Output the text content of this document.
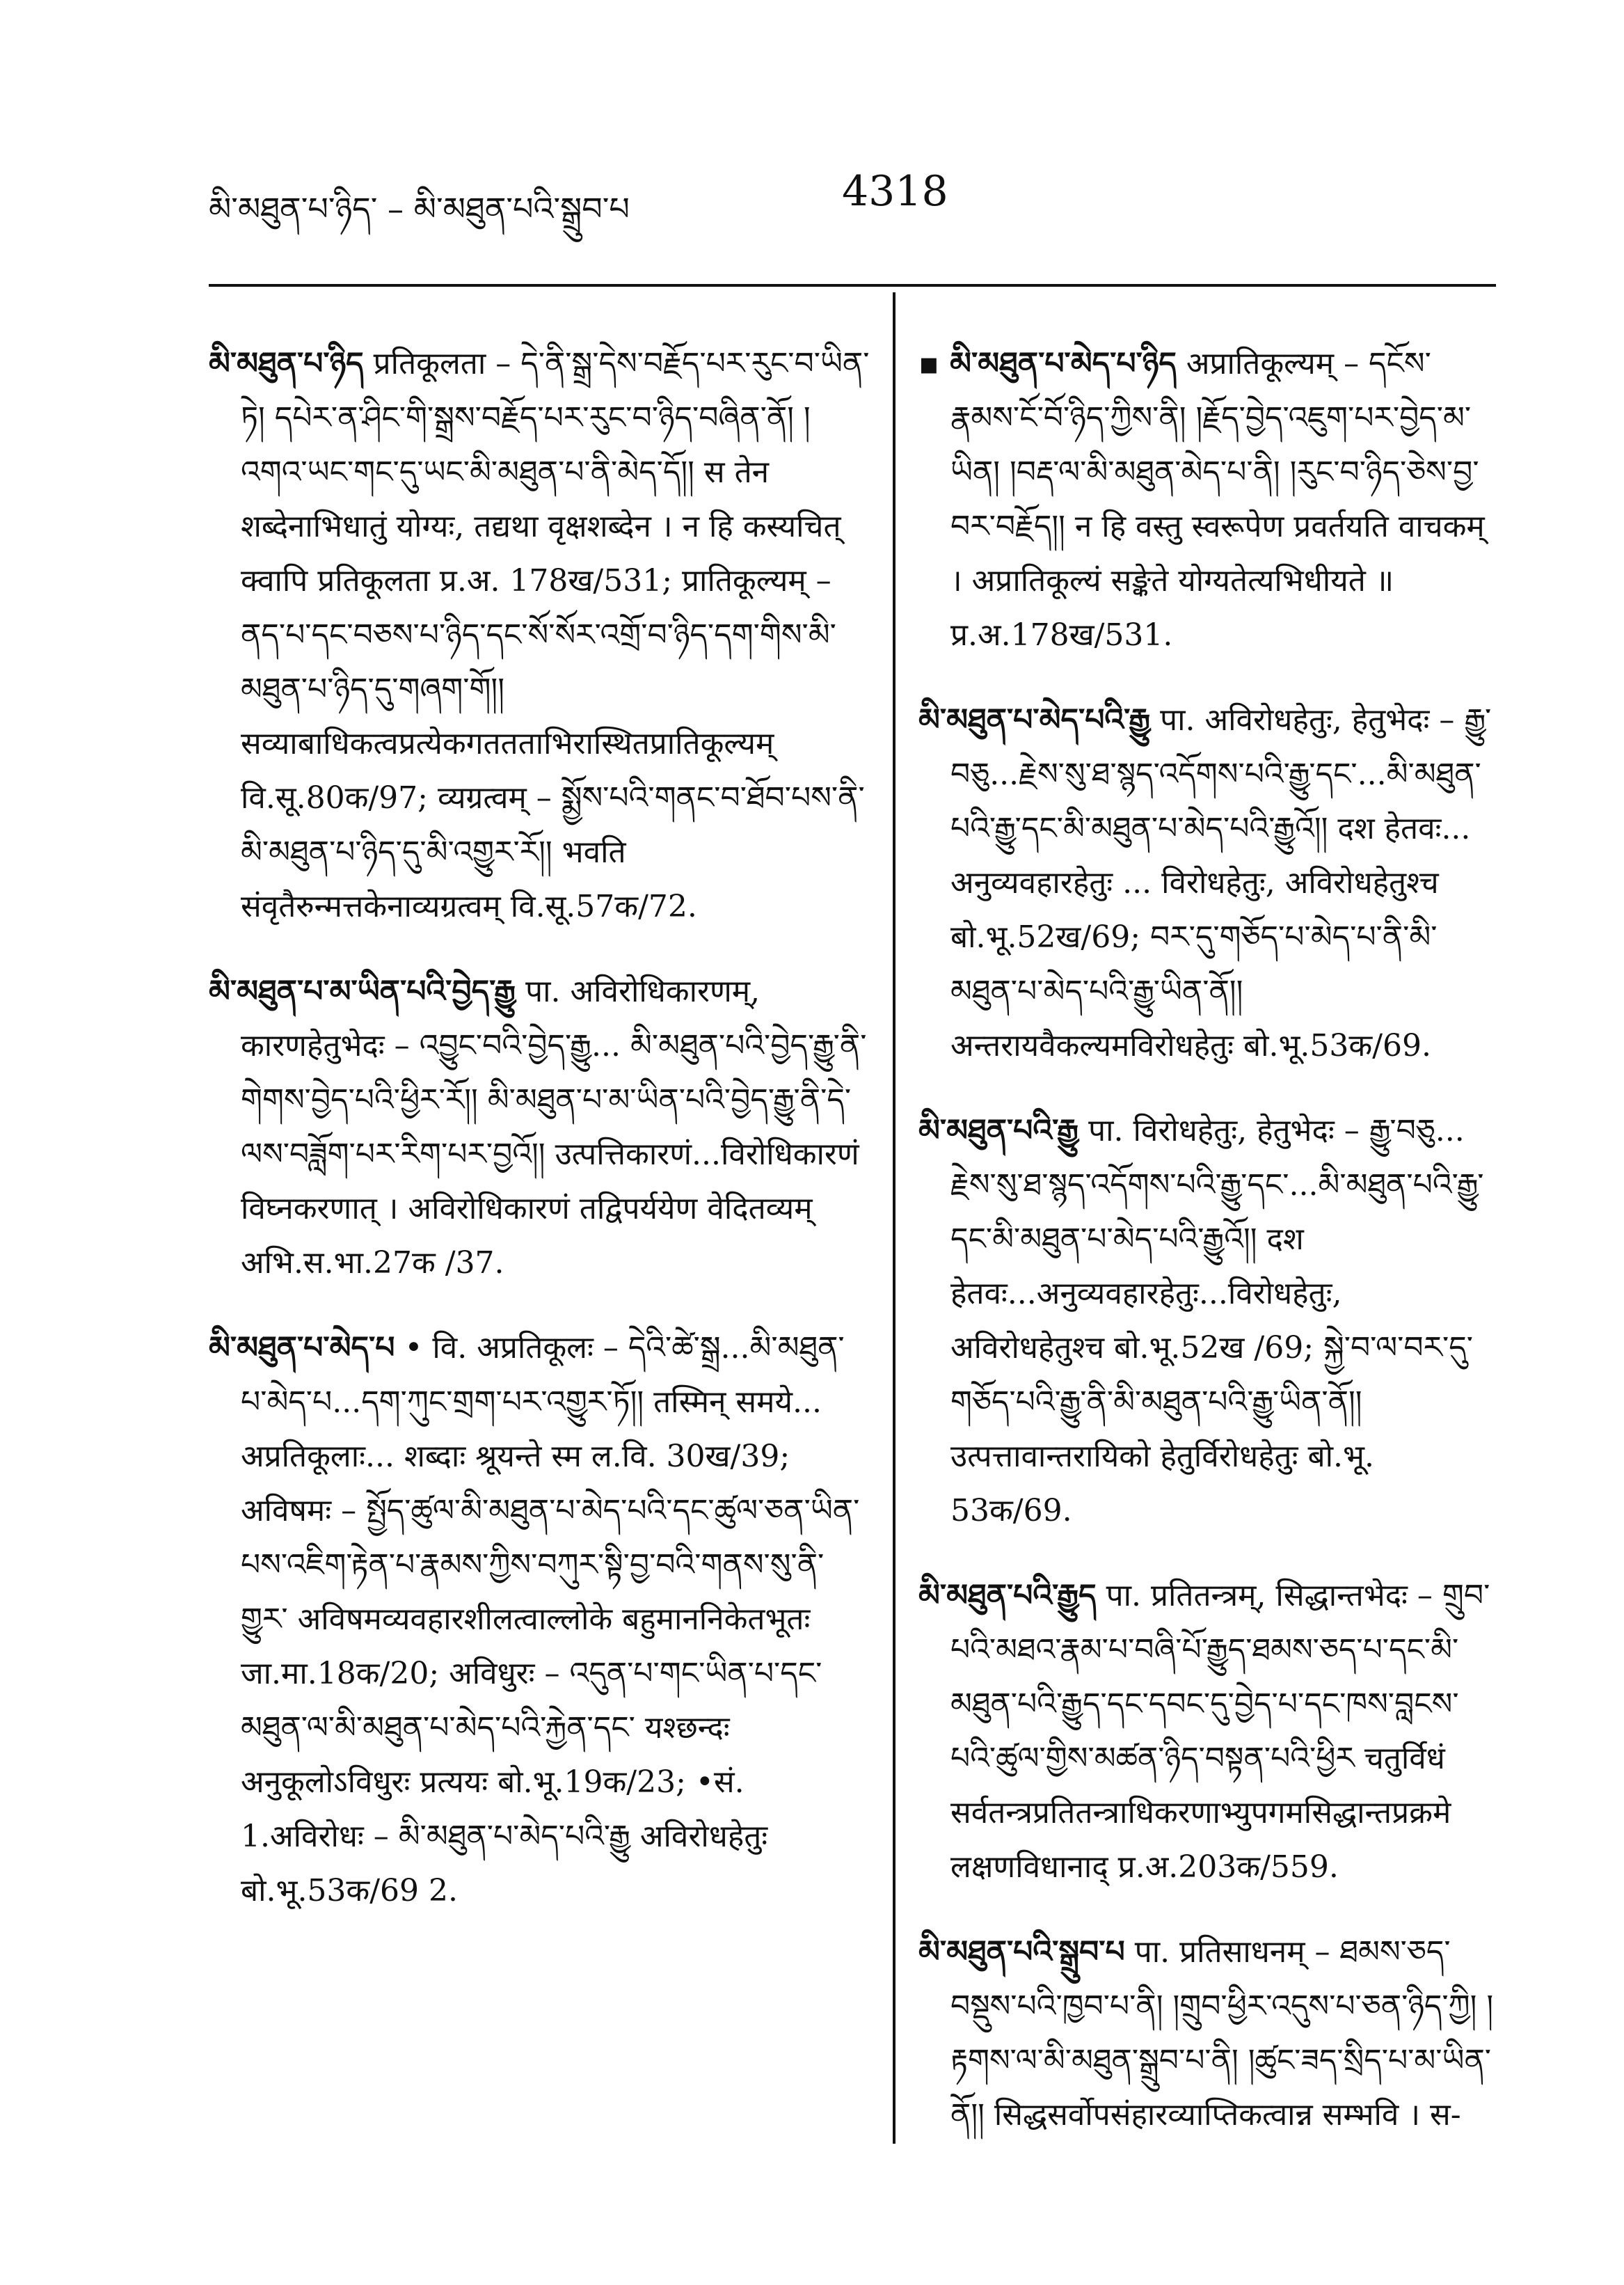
མི་མཐུན་པ་ཉིད་ – མི་མཐུན་པའི་སྒྲུབ་པ	4318

མི་མཐུན་པ་ཉིད प्रतिकूलता – དེ་ནི་སྒྲ་དེས་བརྗོད་པར་རུང་བ་ཡིན་ཏེ། དཔེར་ན་ཤིང་གི་སྒྲས་བརྗོད་པར་རུང་བ་ཉིད་བཞིན་ནོ། །འགའ་ཡང་གང་དུ་ཡང་མི་མཐུན་པ་ནི་མེད་དོ།། स तेन शब्देनाभिधातुं योग्यः, तद्यथा वृक्षशब्देन । न हि कस्यचित् क्वापि प्रतिकूलता प्र.अ. 178ख/531; प्रातिकूल्यम् – ནད་པ་དང་བཅས་པ་ཉིད་དང་སོ་སོར་འགྲོ་བ་ཉིད་དག་གིས་མི་མཐུན་པ་ཉིད་དུ་གཞག་གོ།། सव्याबाधिकत्वप्रत्येकगततताभिरास्थितप्रातिकूल्यम् वि.सू.80क/97; व्यग्रत्वम् – སྨྱོས་པའི་གནང་བ་ཐོབ་པས་ནི་མི་མཐུན་པ་ཉིད་དུ་མི་འགྱུར་རོ།། भवति संवृतैरुन्मत्तकेनाव्यग्रत्वम् वि.सू.57क/72.

མི་མཐུན་པ་མ་ཡིན་པའི་བྱེད་རྒྱུ पा. अविरोधिकारणम्, कारणहेतुभेदः – འབྱུང་བའི་བྱེད་རྒྱུ... མི་མཐུན་པའི་བྱེད་རྒྱུ་ནི་གེགས་བྱེད་པའི་ཕྱིར་རོ།། མི་མཐུན་པ་མ་ཡིན་པའི་བྱེད་རྒྱུ་ནི་དེ་ལས་བཟློག་པར་རིག་པར་བྱའོ།། उत्पत्तिकारणं...विरोधिकारणं विघ्नकरणात् । अविरोधिकारणं तद्विपर्ययेण वेदितव्यम् अभि.स.भा.27क /37.

མི་མཐུན་པ་མེད་པ • वि. अप्रतिकूलः – དེའི་ཚེ་སྒྲ...མི་མཐུན་པ་མེད་པ...དག་ཀུང་གྲག་པར་འགྱུར་ཏོ།། तस्मिन् समये... अप्रतिकूलाः... शब्दाः श्रूयन्ते स्म ल.वि. 30ख/39; अविषमः – སྤྱོད་ཚུལ་མི་མཐུན་པ་མེད་པའི་དང་ཚུལ་ཅན་ཡིན་པས་འཇིག་རྟེན་པ་རྣམས་ཀྱིས་བཀུར་སྟི་བྱ་བའི་གནས་སུ་ནི་གྱུར་ अविषमव्यवहारशीलत्वाल्लोके बहुमाननिकेतभूतः जा.मा.18क/20; अविधुरः – འདུན་པ་གང་ཡིན་པ་དང་མཐུན་ལ་མི་མཐུན་པ་མེད་པའི་རྐྱེན་དང་ यश्छन्दः अनुकूलोऽविधुरः प्रत्ययः बो.भू.19क/23; •सं. 1.अविरोधः – མི་མཐུན་པ་མེད་པའི་རྒྱུ अविरोधहेतुः बो.भू.53क/69 2.

▪ མི་མཐུན་པ་མེད་པ་ཉིད अप्रातिकूल्यम् – དངོས་རྣམས་ངོ་བོ་ཉིད་ཀྱིས་ནི། །རྗོད་བྱེད་འཇུག་པར་བྱེད་མ་ཡིན། །བརྡ་ལ་མི་མཐུན་མེད་པ་ནི། །རུང་བ་ཉིད་ཅེས་བྱ་བར་བརྗོད།། न हि वस्तु स्वरूपेण प्रवर्तयति वाचकम् । अप्रातिकूल्यं सङ्केते योग्यतेत्यभिधीयते ॥ प्र.अ.178ख/531.

མི་མཐུན་པ་མེད་པའི་རྒྱུ पा. अविरोधहेतुः, हेतुभेदः – རྒྱུ་བཅུ...རྗེས་སུ་ཐ་སྙད་འདོགས་པའི་རྒྱུ་དང་...མི་མཐུན་པའི་རྒྱུ་དང་མི་མཐུན་པ་མེད་པའི་རྒྱུའོ།། दश हेतवः... अनुव्यवहारहेतुः ... विरोधहेतुः, अविरोधहेतुश्च बो.भू.52ख/69; བར་དུ་གཅོད་པ་མེད་པ་ནི་མི་མཐུན་པ་མེད་པའི་རྒྱུ་ཡིན་ནོ།། अन्तरायवैकल्यमविरोधहेतुः बो.भू.53क/69.

མི་མཐུན་པའི་རྒྱུ पा. विरोधहेतुः, हेतुभेदः – རྒྱུ་བཅུ... རྗེས་སུ་ཐ་སྙད་འདོགས་པའི་རྒྱུ་དང་...མི་མཐུན་པའི་རྒྱུ་དང་མི་མཐུན་པ་མེད་པའི་རྒྱུའོ།། दश हेतवः...अनुव्यवहारहेतुः...विरोधहेतुः, अविरोधहेतुश्च बो.भू.52ख /69; སྐྱེ་བ་ལ་བར་དུ་གཅོད་པའི་རྒྱུ་ནི་མི་མཐུན་པའི་རྒྱུ་ཡིན་ནོ།། उत्पत्तावान्तरायिको हेतुर्विरोधहेतुः बो.भू. 53क/69.

མི་མཐུན་པའི་རྒྱུད पा. प्रतितन्त्रम्, सिद्धान्तभेदः – གྲུབ་པའི་མཐའ་རྣམ་པ་བཞི་པོ་རྒྱུད་ཐམས་ཅད་པ་དང་མི་མཐུན་པའི་རྒྱུད་དང་དབང་དུ་བྱེད་པ་དང་ཁས་བླངས་པའི་ཚུལ་གྱིས་མཚན་ཉིད་བསྟན་པའི་ཕྱིར चतुर्विधं सर्वतन्त्रप्रतितन्त्राधिकरणाभ्युपगमसिद्धान्तप्रक्रमे लक्षणविधानाद् प्र.अ.203क/559.

མི་མཐུན་པའི་སྒྲུབ་པ पा. प्रतिसाधनम् – ཐམས་ཅད་བསྡུས་པའི་ཁྱབ་པ་ནི། །གྲུབ་ཕྱིར་འདུས་པ་ཅན་ཉིད་ཀྱི། །རྟགས་ལ་མི་མཐུན་སྒྲུབ་པ་ནི། །ཚུང་ཟད་སྲིད་པ་མ་ཡིན་ནོ།། सिद्धसर्वोपसंहारव्याप्तिकत्वान्न सम्भवि । स-
